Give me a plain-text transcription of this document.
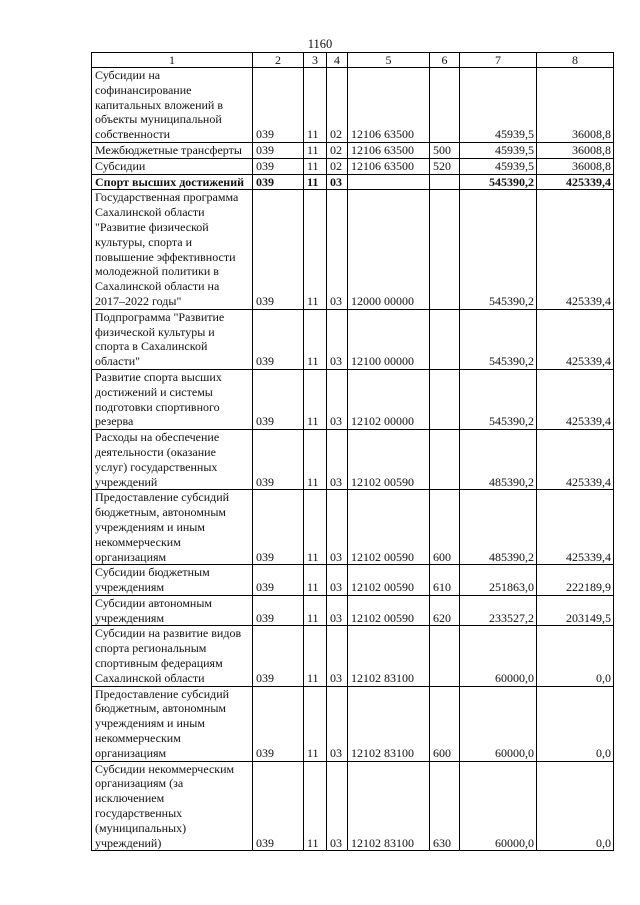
1160
1	2	3	4	5	6	7	8
Субсидии на софинансирование капитальных вложений в объекты муниципальной собственности	039	11	02	12106 63500		45939,5	36008,8
Межбюджетные трансферты	039	11	02	12106 63500	500	45939,5	36008,8
Субсидии	039	11	02	12106 63500	520	45939,5	36008,8
Спорт высших достижений	039	11	03			545390,2	425339,4
Государственная программа Сахалинской области "Развитие физической культуры, спорта и повышение эффективности молодежной политики в Сахалинской области на 2017–2022 годы"	039	11	03	12000 00000		545390,2	425339,4
Подпрограмма "Развитие физической культуры и спорта в Сахалинской области"	039	11	03	12100 00000		545390,2	425339,4
Развитие спорта высших достижений и системы подготовки спортивного резерва	039	11	03	12102 00000		545390,2	425339,4
Расходы на обеспечение деятельности (оказание услуг) государственных учреждений	039	11	03	12102 00590		485390,2	425339,4
Предоставление субсидий бюджетным, автономным учреждениям и иным некоммерческим организациям	039	11	03	12102 00590	600	485390,2	425339,4
Субсидии бюджетным учреждениям	039	11	03	12102 00590	610	251863,0	222189,9
Субсидии автономным учреждениям	039	11	03	12102 00590	620	233527,2	203149,5
Субсидии на развитие видов спорта региональным спортивным федерациям Сахалинской области	039	11	03	12102 83100		60000,0	0,0
Предоставление субсидий бюджетным, автономным учреждениям и иным некоммерческим организациям	039	11	03	12102 83100	600	60000,0	0,0
Субсидии некоммерческим организациям (за исключением государственных (муниципальных) учреждений)	039	11	03	12102 83100	630	60000,0	0,0
